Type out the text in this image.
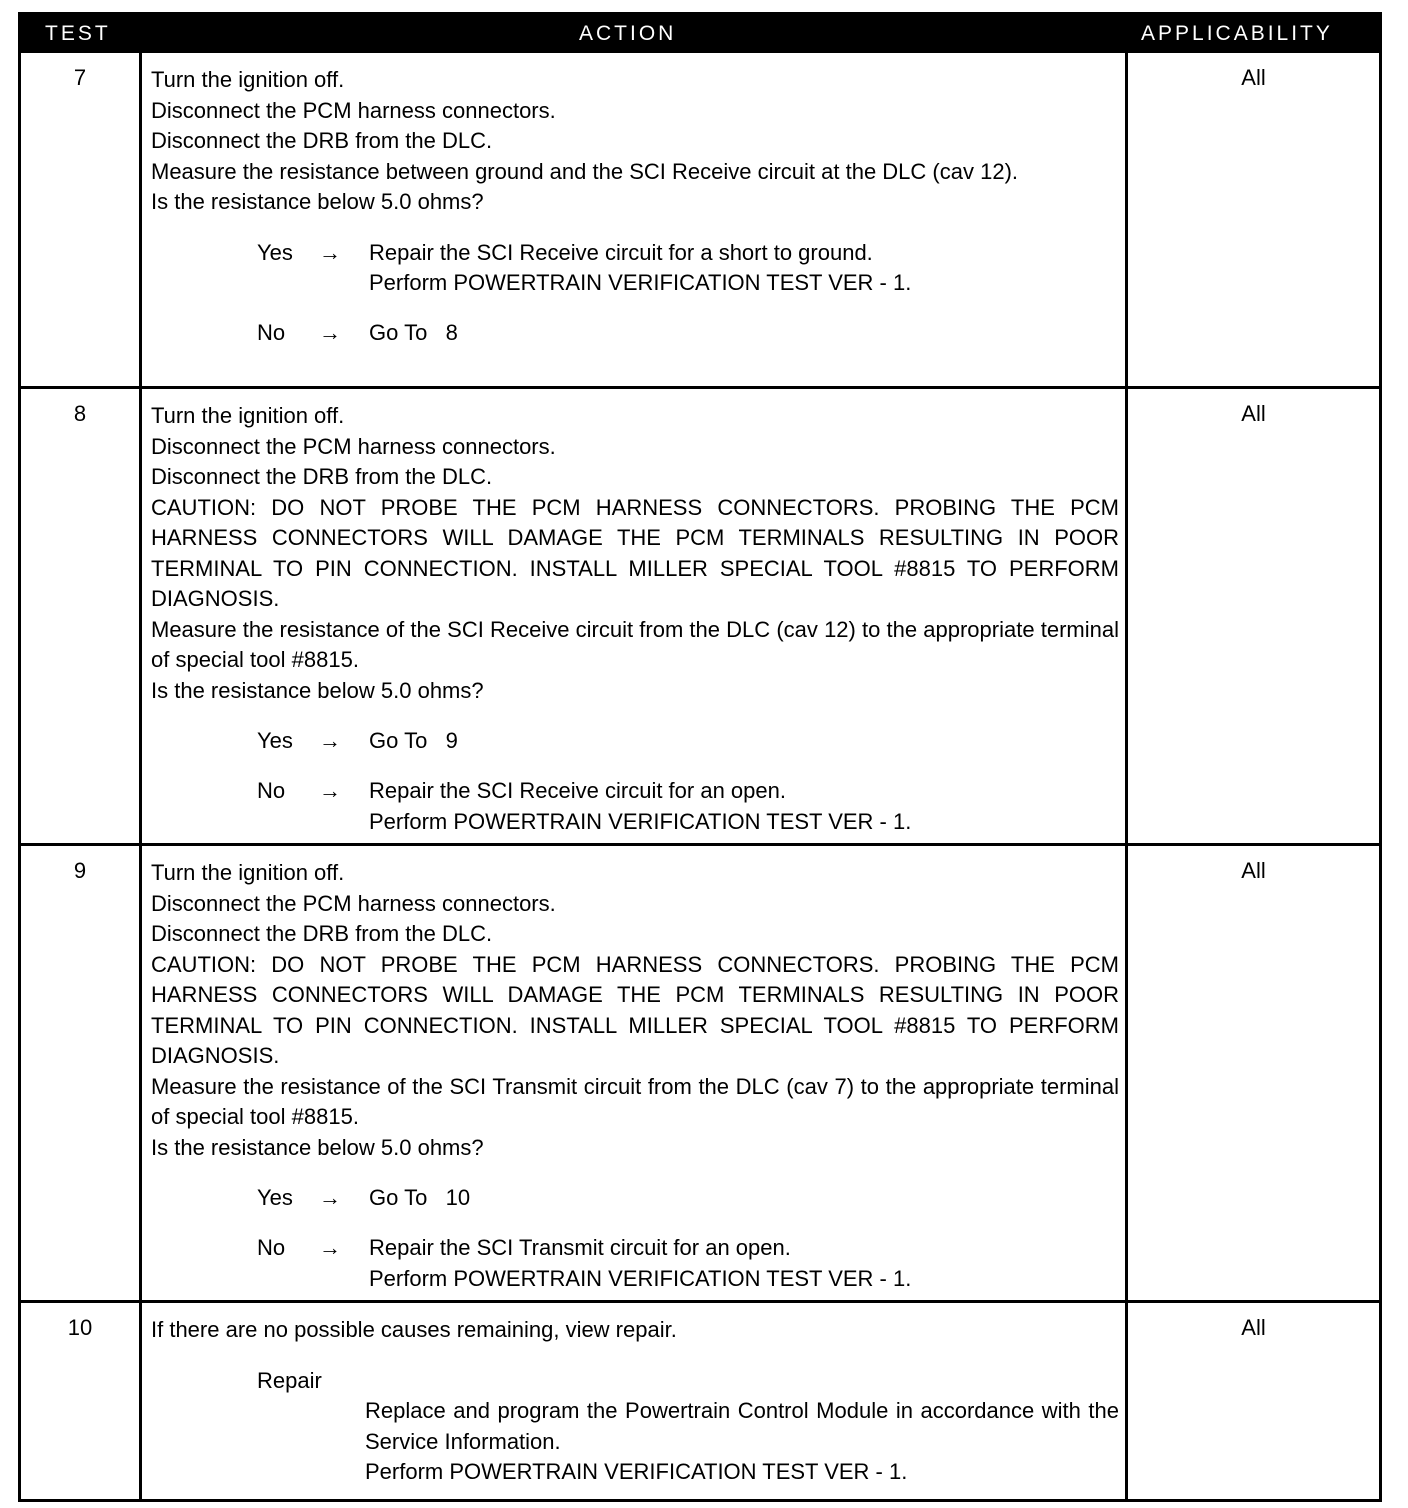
TEST	ACTION	APPLICABILITY
7	Turn the ignition off.

Disconnect the PCM harness connectors.

Disconnect the DRB from the DLC.

Measure the resistance between ground and the SCI Receive circuit at the DLC (cav 12).

Is the resistance below 5.0 ohms?

Yes → Repair the SCI Receive circuit for a short to ground.
Perform POWERTRAIN VERIFICATION TEST VER - 1.
No → Go To   8
All
8	Turn the ignition off.

Disconnect the PCM harness connectors.

Disconnect the DRB from the DLC.

CAUTION: DO NOT PROBE THE PCM HARNESS CONNECTORS. PROBING THE PCM HARNESS CONNECTORS WILL DAMAGE THE PCM TERMINALS RESULTING IN POOR TERMINAL TO PIN CONNECTION. INSTALL MILLER SPECIAL TOOL #8815 TO PERFORM DIAGNOSIS.

Measure the resistance of the SCI Receive circuit from the DLC (cav 12) to the appropriate terminal of special tool #8815.

Is the resistance below 5.0 ohms?

Yes → Go To   9
No → Repair the SCI Receive circuit for an open.
Perform POWERTRAIN VERIFICATION TEST VER - 1.
All
9	Turn the ignition off.

Disconnect the PCM harness connectors.

Disconnect the DRB from the DLC.

CAUTION: DO NOT PROBE THE PCM HARNESS CONNECTORS. PROBING THE PCM HARNESS CONNECTORS WILL DAMAGE THE PCM TERMINALS RESULTING IN POOR TERMINAL TO PIN CONNECTION. INSTALL MILLER SPECIAL TOOL #8815 TO PERFORM DIAGNOSIS.

Measure the resistance of the SCI Transmit circuit from the DLC (cav 7) to the appropriate terminal of special tool #8815.

Is the resistance below 5.0 ohms?

Yes → Go To   10
No → Repair the SCI Transmit circuit for an open.
Perform POWERTRAIN VERIFICATION TEST VER - 1.
All
10	If there are no possible causes remaining, view repair.

Repair

Replace and program the Powertrain Control Module in accordance with the Service Information.

Perform POWERTRAIN VERIFICATION TEST VER - 1.

All
